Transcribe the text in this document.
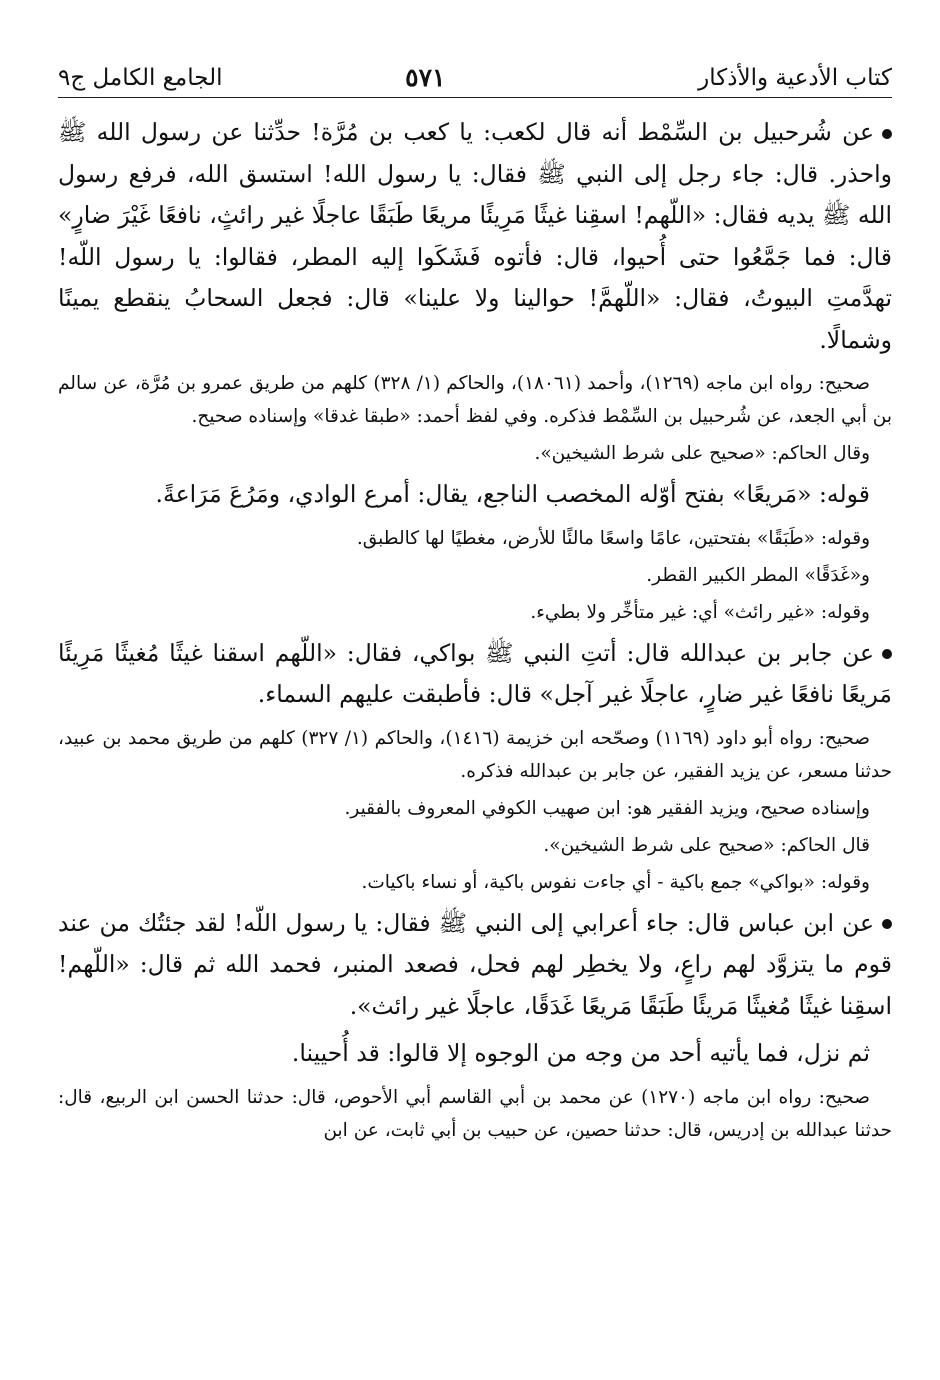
الجامع الكامل ج٩	٥٧١	كتاب الأدعية والأذكار

عن شُرحبيل بن السِّمْط أنه قال لكعب: يا كعب بن مُرَّة! حدِّثنا عن رسول الله ﷺ واحذر. قال: جاء رجل إلى النبي ﷺ فقال: يا رسول الله! استسق الله، فرفع رسول الله ﷺ يديه فقال: «اللّهم! اسقِنا غيثًا مَرِيئًا مريعًا طَبَقًا عاجلًا غير رائثٍ، نافعًا غَيْرَ ضارٍ» قال: فما جَمَّعُوا حتى أُحيوا، قال: فأتوه فَشَكَوا إليه المطر، فقالوا: يا رسول اللّه! تهدَّمتِ البيوتُ، فقال: «اللّهمَّ! حوالينا ولا علينا» قال: فجعل السحابُ ينقطع يمينًا وشمالًا.

صحيح: رواه ابن ماجه (١٢٦٩)، وأحمد (١٨٠٦١)، والحاكم (١/ ٣٢٨) كلهم من طريق عمرو بن مُرَّة، عن سالم بن أبي الجعد، عن شُرحبيل بن السِّمْط فذكره. وفي لفظ أحمد: «طبقا غدقا» وإسناده صحيح.

وقال الحاكم: «صحيح على شرط الشيخين».

قوله: «مَريعًا» بفتح أوّله المخصب الناجع، يقال: أمرع الوادي، ومَرُعَ مَرَاعةً.

وقوله: «طَبَقًا» بفتحتين، عامًا واسعًا مالئًا للأرض، مغطيًا لها كالطبق.

و«غَدَقًا» المطر الكبير القطر.

وقوله: «غير رائث» أي: غير متأخِّر ولا بطيء.

عن جابر بن عبدالله قال: أتتِ النبي ﷺ بواكي، فقال: «اللّهم اسقنا غيثًا مُغيثًا مَرِيئًا مَريعًا نافعًا غير ضارٍ، عاجلًا غير آجل» قال: فأطبقت عليهم السماء.

صحيح: رواه أبو داود (١١٦٩) وصحّحه ابن خزيمة (١٤١٦)، والحاكم (١/ ٣٢٧) كلهم من طريق محمد بن عبيد، حدثنا مسعر، عن يزيد الفقير، عن جابر بن عبدالله فذكره.

وإسناده صحيح، ويزيد الفقير هو: ابن صهيب الكوفي المعروف بالفقير.

قال الحاكم: «صحيح على شرط الشيخين».

وقوله: «بواكي» جمع باكية - أي جاءت نفوس باكية، أو نساء باكيات.

عن ابن عباس قال: جاء أعرابي إلى النبي ﷺ فقال: يا رسول اللّه! لقد جئتُك من عند قوم ما يتزوَّد لهم راعٍ، ولا يخطِر لهم فحل، فصعد المنبر، فحمد الله ثم قال: «اللّهم! اسقِنا غيثًا مُغيثًا مَريئًا طَبَقًا مَريعًا غَدَقًا، عاجلًا غير رائث».

ثم نزل، فما يأتيه أحد من وجه من الوجوه إلا قالوا: قد أُحيينا.

صحيح: رواه ابن ماجه (١٢٧٠) عن محمد بن أبي القاسم أبي الأحوص، قال: حدثنا الحسن ابن الربيع، قال: حدثنا عبدالله بن إدريس، قال: حدثنا حصين، عن حبيب بن أبي ثابت، عن ابن
